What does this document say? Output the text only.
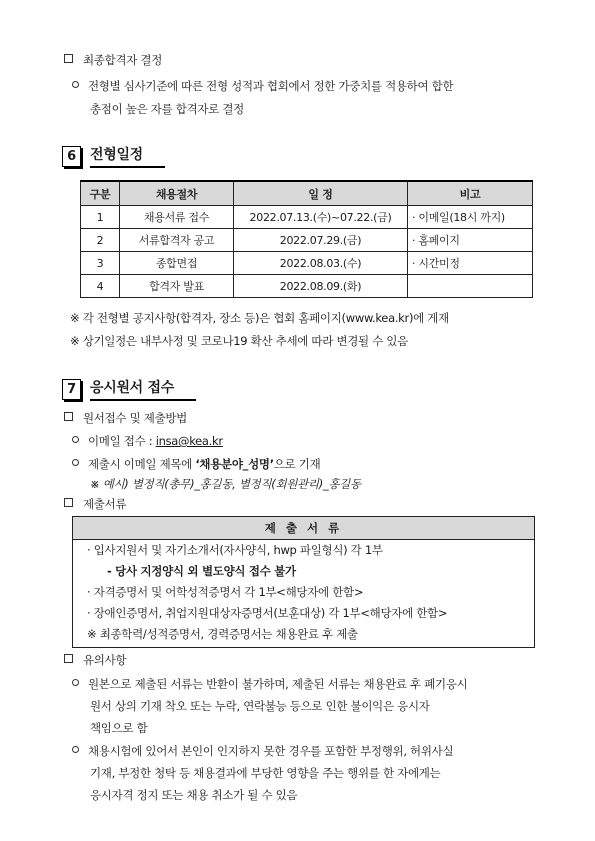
최종합격자 결정
전형별 심사기준에 따른 전형 성적과 협회에서 정한 가중치를 적용하여 합한
총점이 높은 자를 합격자로 결정
6	전형일정
구분	채용절차	일 정	비고
1	채용서류 접수	2022.07.13.(수)~07.22.(금)	· 이메일(18시 까지)
2	서류합격자 공고	2022.07.29.(금)	· 홈페이지
3	종합면접	2022.08.03.(수)	· 시간미정
4	합격자 발표	2022.08.09.(화)	
※ 각 전형별 공지사항(합격자, 장소 등)은 협회 홈페이지(www.kea.kr)에 게재
※ 상기일정은 내부사정 및 코로나19 확산 추세에 따라 변경될 수 있음
7	응시원서 접수
원서접수 및 제출방법
이메일 접수 : insa@kea.kr
제출시 이메일 제목에 ‘채용분야_성명’으로 기재
※ 예시) 별정직(총무)_홍길동, 별정직(회원관리)_홍길동
제출서류
제 출 서 류
· 입사지원서 및 자기소개서(자사양식, hwp 파일형식) 각 1부
- 당사 지정양식 외 별도양식 접수 불가
· 자격증명서 및 어학성적증명서 각 1부<해당자에 한함>
· 장애인증명서, 취업지원대상자증명서(보훈대상) 각 1부<해당자에 한함>
※ 최종학력/성적증명서, 경력증명서는 채용완료 후 제출
유의사항
원본으로 제출된 서류는 반환이 불가하며, 제출된 서류는 채용완료 후 폐기응시
원서 상의 기재 착오 또는 누락, 연락불능 등으로 인한 불이익은 응시자
책임으로 함
채용시험에 있어서 본인이 인지하지 못한 경우를 포함한 부정행위, 허위사실
기재, 부정한 청탁 등 채용결과에 부당한 영향을 주는 행위를 한 자에게는
응시자격 정지 또는 채용 취소가 될 수 있음
